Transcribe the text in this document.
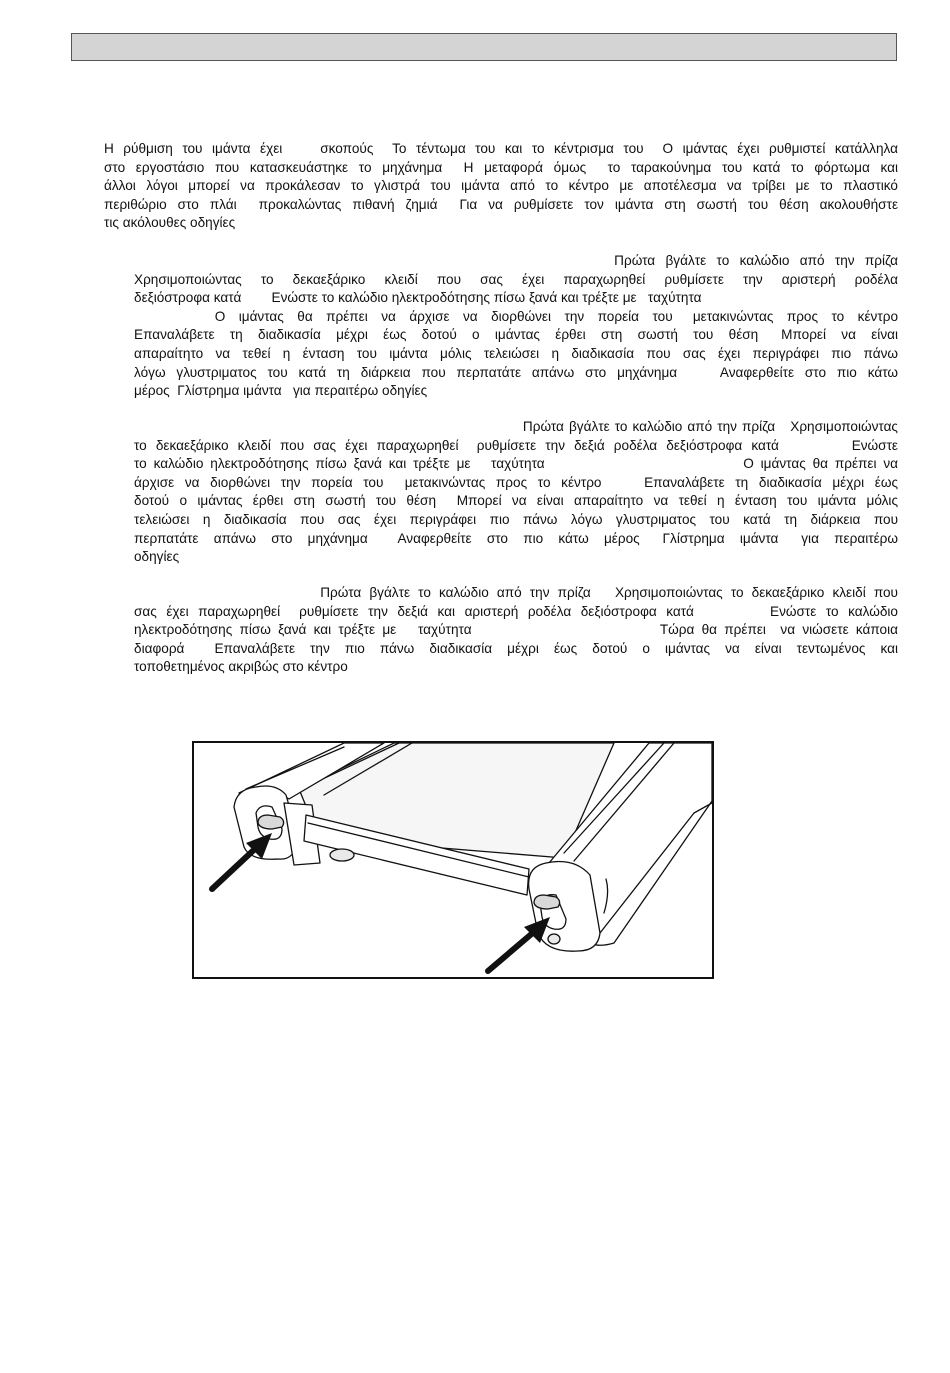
Η ρύθμιση του ιμάντα έχει    σκοπούς  Το τέντωμα του και το κέντρισμα του  Ο ιμάντας έχει ρυθμιστεί κατάλληλα
στο εργοστάσιο που κατασκευάστηκε το μηχάνημα  Η μεταφορά όμως  το ταρακούνημα του κατά το φόρτωμα και
άλλοι λόγοι μπορεί να προκάλεσαν το γλιστρά του ιμάντα από το κέντρο με αποτέλεσμα να τρίβει με το πλαστικό
περιθώριο στο πλάι  προκαλώντας πιθανή ζημιά  Για να ρυθμίσετε τον ιμάντα στη σωστή του θέση ακολουθήστε
τις ακόλουθες οδηγίες

Πρώτα  βγάλτε  το  καλώδιο  από  την  πρίζα
Χρησιμοποιώντας  το  δεκαεξάρικο  κλειδί  που  σας  έχει  παραχωρηθεί  ρυθμίσετε  την  αριστερή  ροδέλα
δεξιόστροφα κατά        Ενώστε το καλώδιο ηλεκτροδότησης πίσω ξανά και τρέξτε με   ταχύτητα
Ο  ιμάντας  θα  πρέπει  να  άρχισε  να  διορθώνει  την  πορεία  του   μετακινώντας  προς  το  κέντρο
Επαναλάβετε  τη  διαδικασία  μέχρι  έως  δοτού  ο  ιμάντας  έρθει  στη  σωστή  του  θέση   Μπορεί  να  είναι
απαραίτητο να τεθεί η ένταση του ιμάντα μόλις τελειώσει η διαδικασία που σας έχει περιγράφει πιο πάνω
λόγω γλυστριματος του κατά τη διάρκεια που περπατάτε απάνω στο μηχάνημα    Αναφερθείτε στο πιο κάτω
μέρος  Γλίστρημα ιμάντα   για περαιτέρω οδηγίες

Πρώτα βγάλτε το καλώδιο από την πρίζα   Χρησιμοποιώντας
το δεκαεξάρικο κλειδί που σας έχει παραχωρηθεί  ρυθμίσετε την δεξιά ροδέλα δεξιόστροφα κατά        Ενώστε
το καλώδιο ηλεκτροδότησης πίσω ξανά και τρέξτε με   ταχύτητα                             Ο ιμάντας θα πρέπει να
άρχισε να διορθώνει την πορεία του  μετακινώντας προς το κέντρο    Επαναλάβετε τη διαδικασία μέχρι έως
δοτού ο ιμάντας έρθει στη σωστή του θέση  Μπορεί να είναι απαραίτητο να τεθεί η ένταση του ιμάντα μόλις
τελειώσει  η  διαδικασία  που  σας  έχει  περιγράφει  πιο  πάνω  λόγω  γλυστριματος  του  κατά  τη  διάρκεια  που
περπατάτε  απάνω  στο  μηχάνημα    Αναφερθείτε  στο  πιο  κάτω  μέρος   Γλίστρημα  ιμάντα   για  περαιτέρω
οδηγίες

Πρώτα βγάλτε το καλώδιο από την πρίζα   Χρησιμοποιώντας το δεκαεξάρικο κλειδί που
σας έχει παραχωρηθεί  ρυθμίσετε την δεξιά και αριστερή ροδέλα δεξιόστροφα κατά        Ενώστε το καλώδιο
ηλεκτροδότησης πίσω ξανά και τρέξτε με   ταχύτητα                          Τώρα θα πρέπει  να νιώσετε κάποια
διαφορά    Επαναλάβετε  την  πιο  πάνω  διαδικασία  μέχρι  έως  δοτού  ο  ιμάντας  να  είναι  τεντωμένος  και
τοποθετημένος ακριβώς στο κέντρο
